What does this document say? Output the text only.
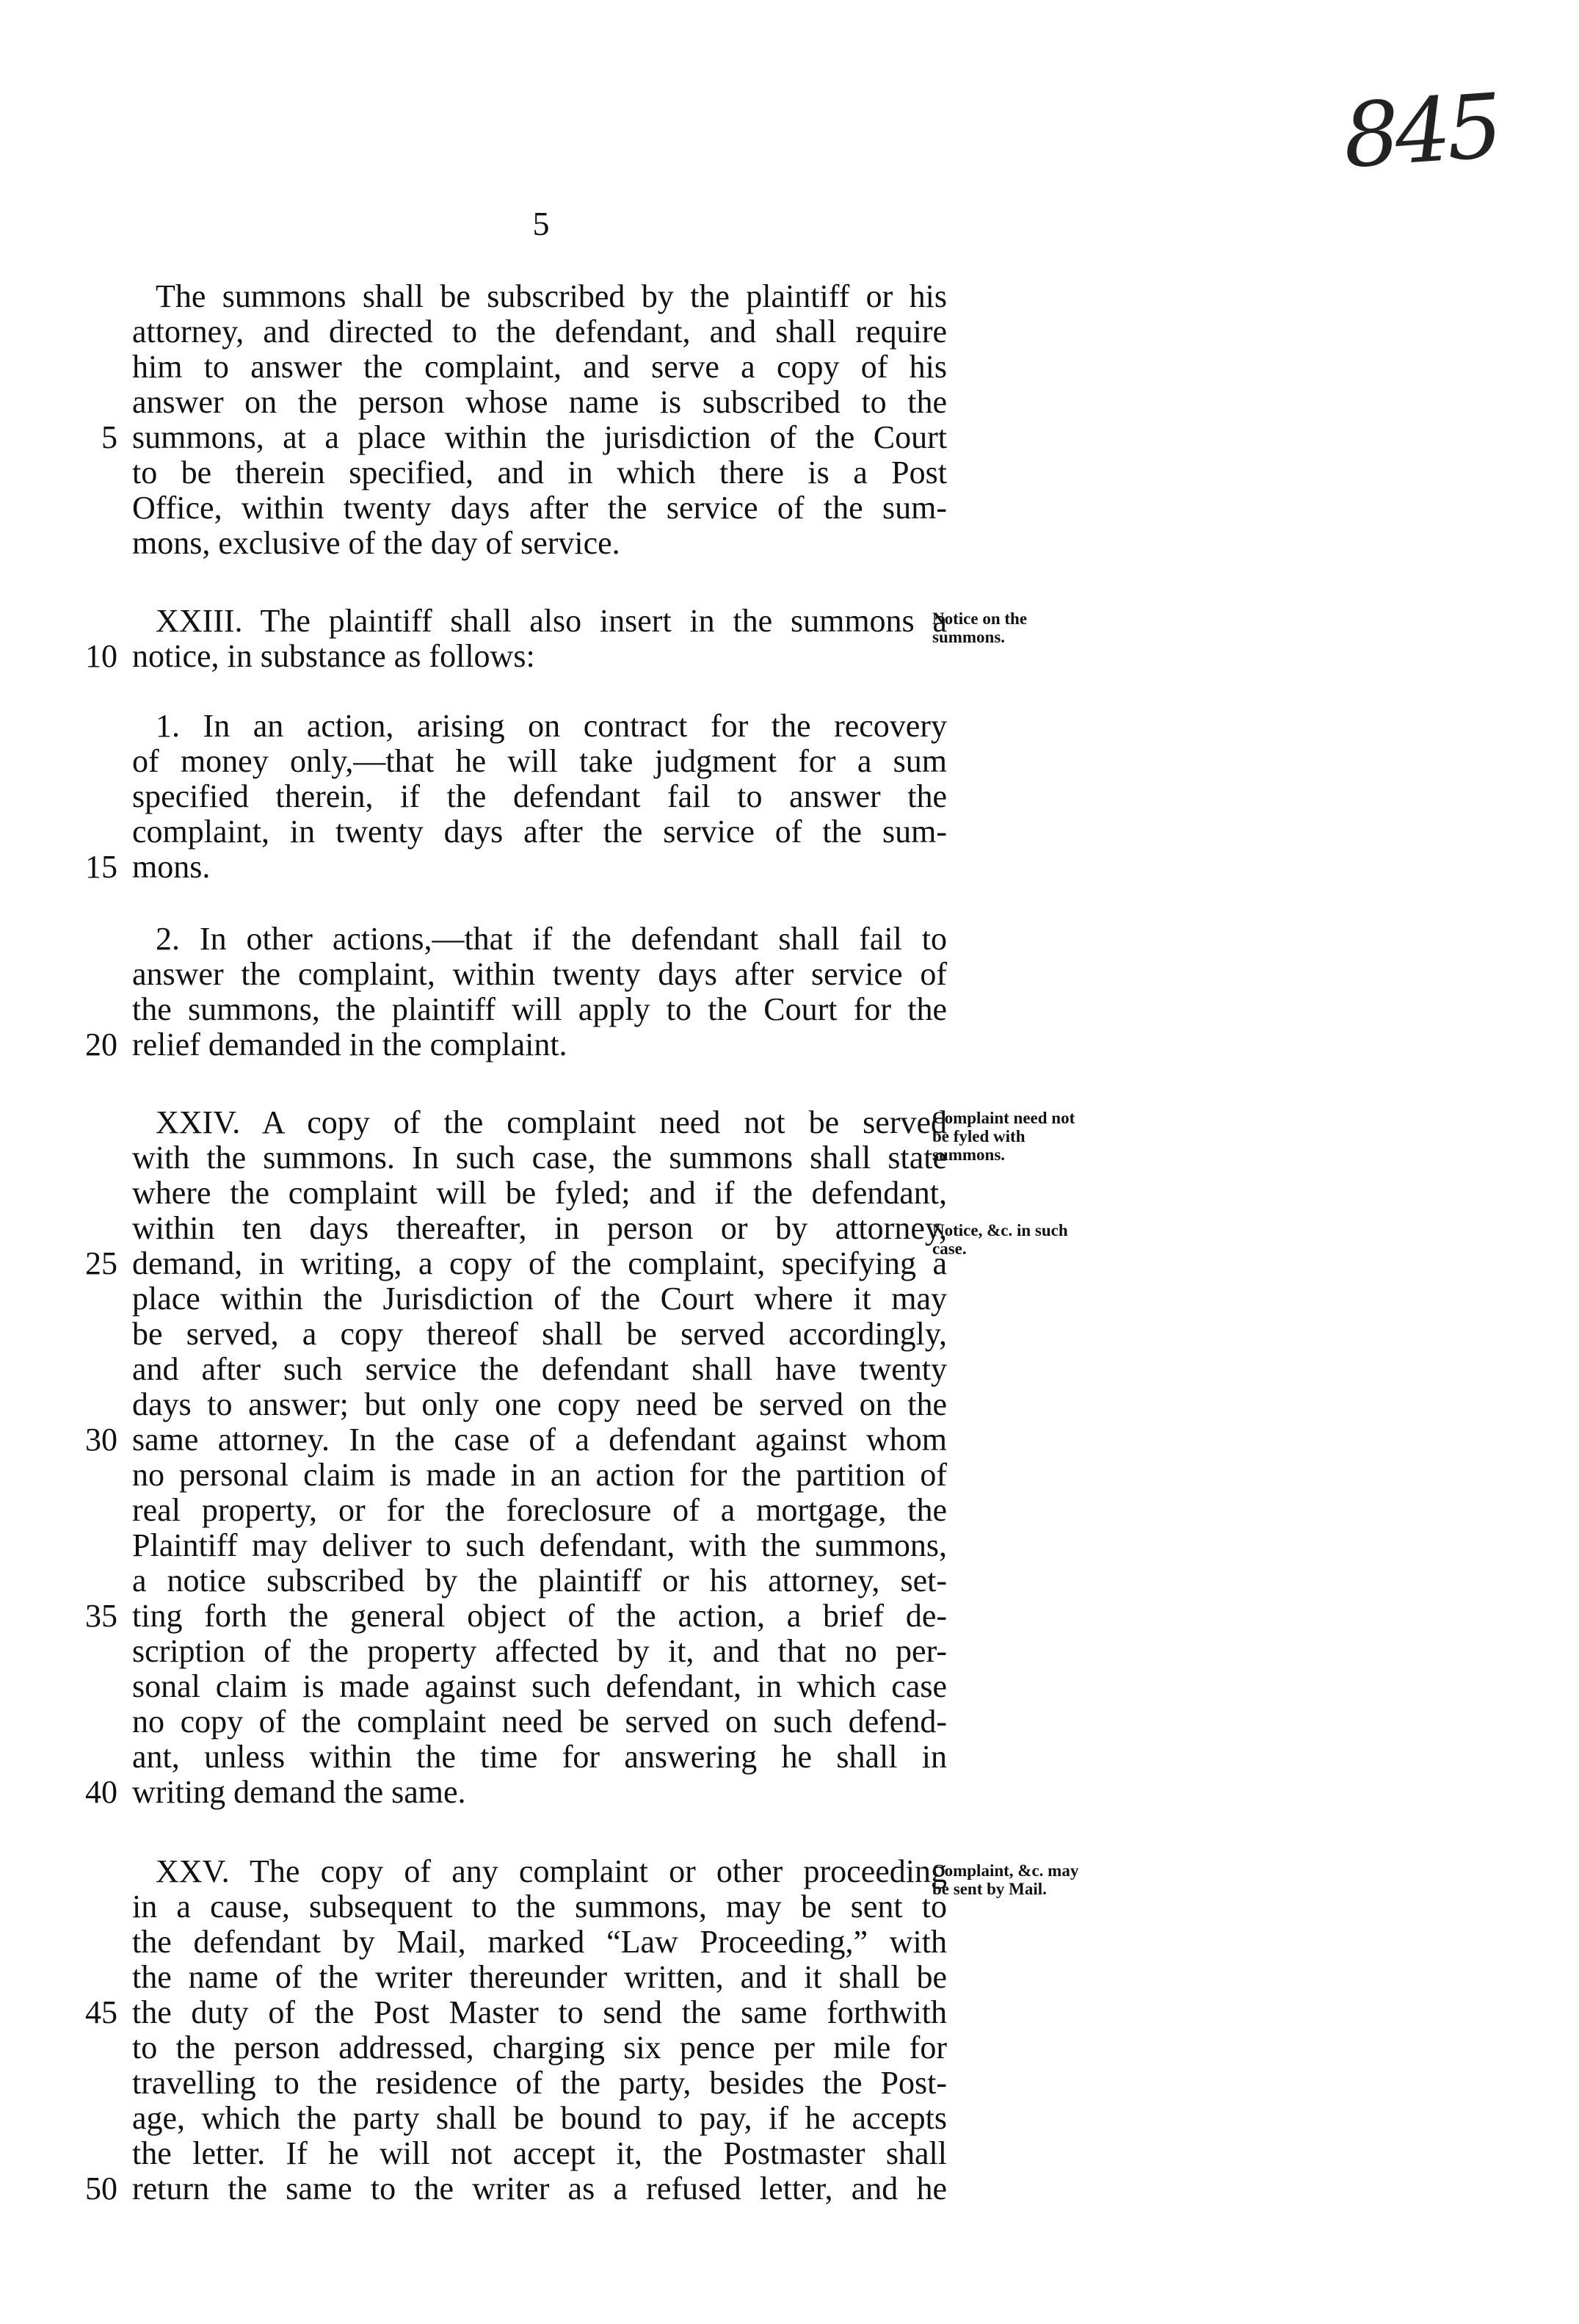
845
5
The summons shall be subscribed by the plaintiff or his
attorney, and directed to the defendant, and shall require
him to answer the complaint, and serve a copy of his
answer on the person whose name is subscribed to the
summons, at a place within the jurisdiction of the Court
to be therein specified, and in which there is a Post
Office, within twenty days after the service of the sum-
mons, exclusive of the day of service.
XXIII. The plaintiff shall also insert in the summons a
notice, in substance as follows:
1. In an action, arising on contract for the recovery
of money only,—that he will take judgment for a sum
specified therein, if the defendant fail to answer the
complaint, in twenty days after the service of the sum-
mons.
2. In other actions,—that if the defendant shall fail to
answer the complaint, within twenty days after service of
the summons, the plaintiff will apply to the Court for the
relief demanded in the complaint.
XXIV. A copy of the complaint need not be served
with the summons. In such case, the summons shall state
where the complaint will be fyled; and if the defendant,
within ten days thereafter, in person or by attorney,
demand, in writing, a copy of the complaint, specifying a
place within the Jurisdiction of the Court where it may
be served, a copy thereof shall be served accordingly,
and after such service the defendant shall have twenty
days to answer; but only one copy need be served on the
same attorney. In the case of a defendant against whom
no personal claim is made in an action for the partition of
real property, or for the foreclosure of a mortgage, the
Plaintiff may deliver to such defendant, with the summons,
a notice subscribed by the plaintiff or his attorney, set-
ting forth the general object of the action, a brief de-
scription of the property affected by it, and that no per-
sonal claim is made against such defendant, in which case
no copy of the complaint need be served on such defend-
ant, unless within the time for answering he shall in
writing demand the same.
XXV. The copy of any complaint or other proceeding
in a cause, subsequent to the summons, may be sent to
the defendant by Mail, marked “Law Proceeding,” with
the name of the writer thereunder written, and it shall be
the duty of the Post Master to send the same forthwith
to the person addressed, charging six pence per mile for
travelling to the residence of the party, besides the Post-
age, which the party shall be bound to pay, if he accepts
the letter. If he will not accept it, the Postmaster shall
return the same to the writer as a refused letter, and he
5
10
15
20
25
30
35
40
45
50
Notice on the summons.
Complaint need not be fyled with summons.
Notice, &c. in such case.
Complaint, &c. may be sent by Mail.
